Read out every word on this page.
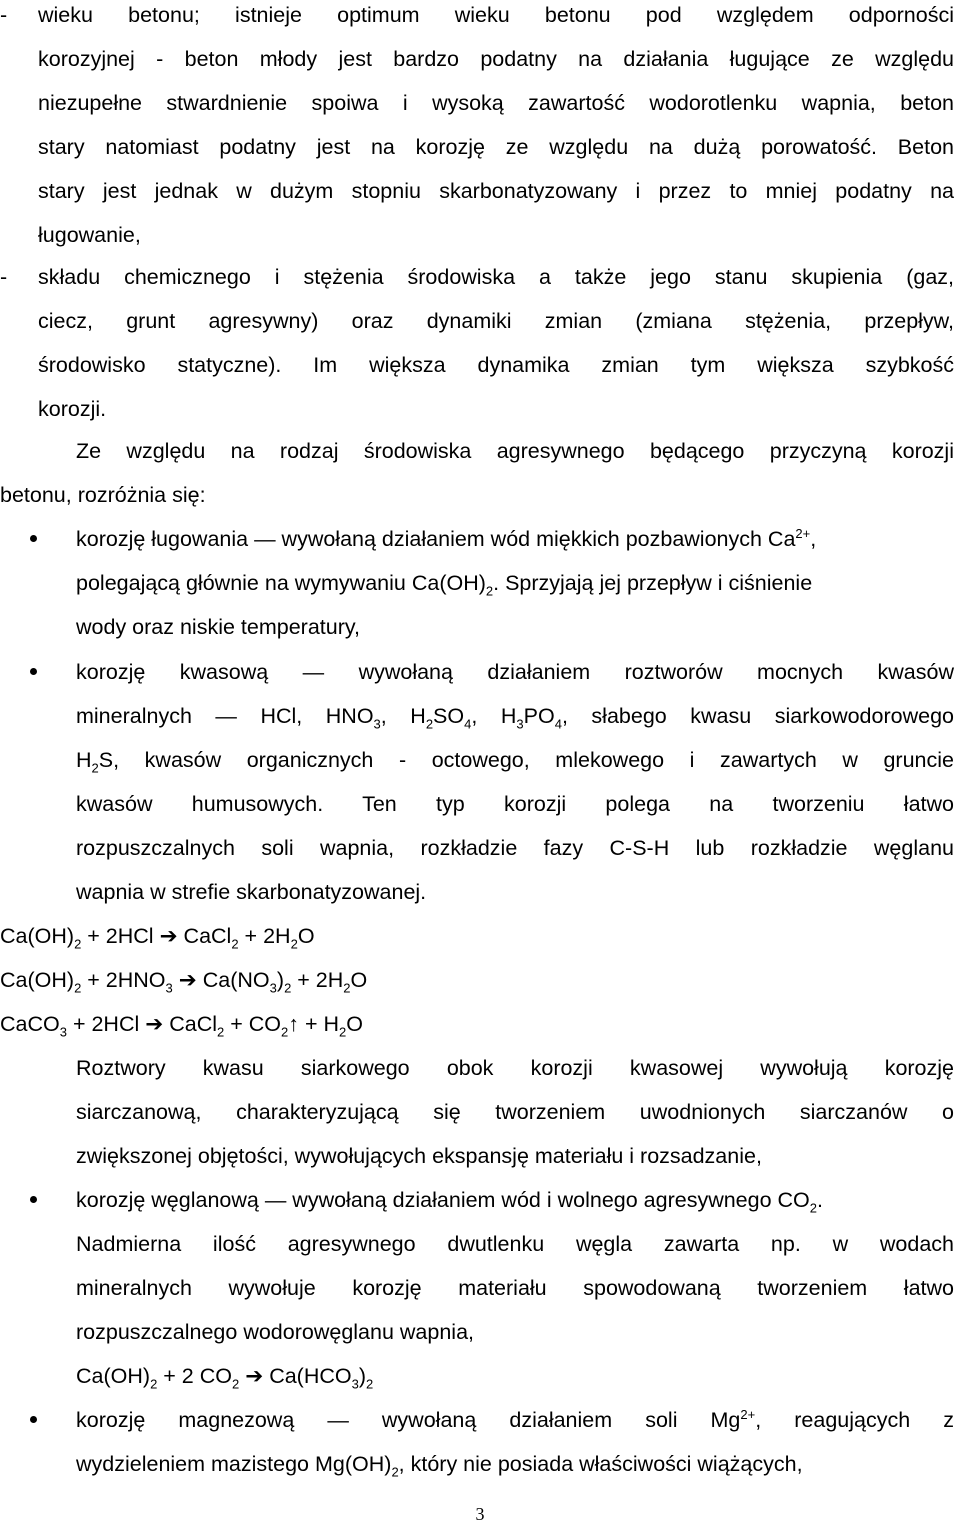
- wieku betonu; istnieje optimum wieku betonu pod względem odporności
korozyjnej - beton młody jest bardzo podatny na działania ługujące ze względu
niezupełne stwardnienie spoiwa i wysoką zawartość wodorotlenku wapnia, beton
stary natomiast podatny jest na korozję ze względu na dużą porowatość. Beton
stary jest jednak w dużym stopniu skarbonatyzowany i przez to mniej podatny na
ługowanie,
- składu chemicznego i stężenia środowiska a także jego stanu skupienia (gaz,
ciecz, grunt agresywny) oraz dynamiki zmian (zmiana stężenia, przepływ,
środowisko statyczne). Im większa dynamika zmian tym większa szybkość
korozji.
Ze względu na rodzaj środowiska agresywnego będącego przyczyną korozji
betonu, rozróżnia się:
korozję ługowania — wywołaną działaniem wód miękkich pozbawionych $Ca^{2+}$,
polegającą głównie na wymywaniu $Ca(OH)_2$. Sprzyjają jej przepływ i ciśnienie
wody oraz niskie temperatury,
korozję kwasową — wywołaną działaniem roztworów mocnych kwasów
mineralnych — HCl, $HNO_3$, $H_2SO_4$, $H_3PO_4$, słabego kwasu siarkowodorowego
$H_2S$, kwasów organicznych - octowego, mlekowego i zawartych w gruncie
kwasów humusowych. Ten typ korozji polega na tworzeniu łatwo
rozpuszczalnych soli wapnia, rozkładzie fazy C-S-H lub rozkładzie węglanu
wapnia w strefie skarbonatyzowanej.
$Ca(OH)_2 + 2HCl$ ➔ CaCl$_2$ + $2H_2O$
$Ca(OH)_2 + 2HNO_3$ ➔ $Ca(NO_3)_2 + 2H_2O$
CaCO$_3$ + 2HCl ➔ CaCl$_2$ + $CO_2↑ + H_2O$
Roztwory kwasu siarkowego obok korozji kwasowej wywołują korozję
siarczanową, charakteryzującą się tworzeniem uwodnionych siarczanów o
zwiększonej objętości, wywołujących ekspansję materiału i rozsadzanie,
korozję węglanową — wywołaną działaniem wód i wolnego agresywnego $CO_2$.
Nadmierna ilość agresywnego dwutlenku węgla zawarta np. w wodach
mineralnych wywołuje korozję materiału spowodowaną tworzeniem łatwo
rozpuszczalnego wodorowęglanu wapnia,
$Ca(OH)_2 + 2$ $CO_2$ ➔ $Ca(HCO_3)_2$
korozję magnezową — wywołaną działaniem soli $Mg^{2+}$, reagujących z
wydzieleniem mazistego $Mg(OH)_2$, który nie posiada właściwości wiążących,
3
